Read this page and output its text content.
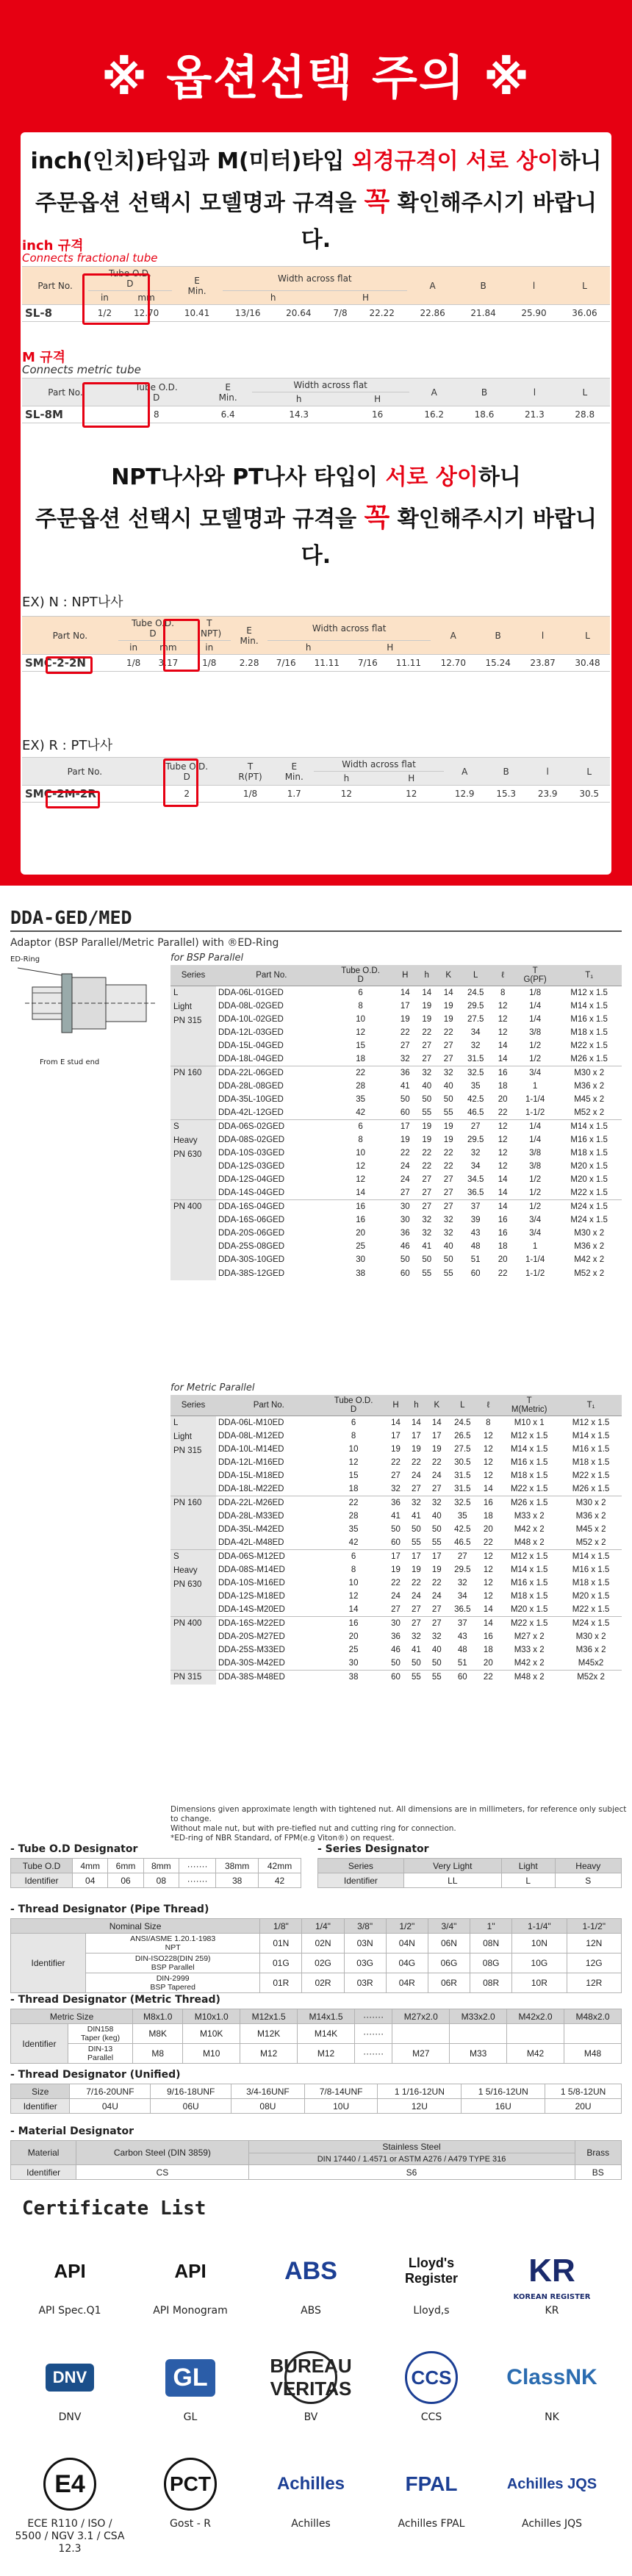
※ 옵션선택 주의 ※
inch(인치)타입과 M(미터)타입 외경규격이 서로 상이하니
주문옵션 선택시 모델명과 규격을 꼭 확인해주시기 바랍니다.
inch 규격
Connects fractional tube
Part No.	Tube O.D.
D		E
Min.	Width across flat				A	B	l	L
	in	mm		h		H					
SL-8	1/2	12.70	10.41	13/16	20.64	7/8	22.22	22.86	21.84	25.90	36.06
M 규격
Connects metric tube
Part No.	Tube O.D.
D	E
Min.	Width across flat		A	B	l	L
			h	H				
SL-8M	8	6.4	14.3	16	16.2	18.6	21.3	28.8
NPT나사와 PT나사 타입이 서로 상이하니
주문옵션 선택시 모델명과 규격을 꼭 확인해주시기 바랍니다.
EX) N : NPT나사
Part No.	Tube O.D.
D		T
(NPT)	E
Min.	Width across flat				A	B	l	L
	in	mm	in		h		H					
SMC-2-2N	1/8	3.17	1/8	2.28	7/16	11.11	7/16	11.11	12.70	15.24	23.87	30.48
EX) R : PT나사
Part No.	Tube O.D.
D	T
R(PT)	E
Min.	Width across flat		A	B	l	L
				h	H				
SMC-2M-2R	2	1/8	1.7	12	12	12.9	15.3	23.9	30.5
DDA-GED/MED
Adaptor (BSP Parallel/Metric Parallel) with ®ED-Ring
ED-Ring
From E stud end
for BSP Parallel
Series	Part No.	Tube O.D.
D	H	h	K	L	ℓ	T
G(PF)	T₁

L
Light
PN 315	DDA-06L-01GED	6	14	14	14	24.5	8	1/8	M12 x 1.5
	DDA-08L-02GED	8	17	19	19	29.5	12	1/4	M14 x 1.5
	DDA-10L-02GED	10	19	19	19	27.5	12	1/4	M16 x 1.5
	DDA-12L-03GED	12	22	22	22	34	12	3/8	M18 x 1.5
	DDA-15L-04GED	15	27	27	27	32	14	1/2	M22 x 1.5
	DDA-18L-04GED	18	32	27	27	31.5	14	1/2	M26 x 1.5

PN 160	DDA-22L-06GED	22	36	32	32	32.5	16	3/4	M30 x 2
	DDA-28L-08GED	28	41	40	40	35	18	1	M36 x 2
	DDA-35L-10GED	35	50	50	50	42.5	20	1-1/4	M45 x 2
	DDA-42L-12GED	42	60	55	55	46.5	22	1-1/2	M52 x 2

S
Heavy
PN 630	DDA-06S-02GED	6	17	19	19	27	12	1/4	M14 x 1.5
	DDA-08S-02GED	8	19	19	19	29.5	12	1/4	M16 x 1.5
	DDA-10S-03GED	10	22	22	22	32	12	3/8	M18 x 1.5
	DDA-12S-03GED	12	24	22	22	34	12	3/8	M20 x 1.5
	DDA-12S-04GED	12	24	27	27	34.5	14	1/2	M20 x 1.5
	DDA-14S-04GED	14	27	27	27	36.5	14	1/2	M22 x 1.5

PN 400	DDA-16S-04GED	16	30	27	27	37	14	1/2	M24 x 1.5
	DDA-16S-06GED	16	30	32	32	39	16	3/4	M24 x 1.5
	DDA-20S-06GED	20	36	32	32	43	16	3/4	M30 x 2
	DDA-25S-08GED	25	46	41	40	48	18	1	M36 x 2
	DDA-30S-10GED	30	50	50	50	51	20	1-1/4	M42 x 2
	DDA-38S-12GED	38	60	55	55	60	22	1-1/2	M52 x 2
for Metric Parallel
Series	Part No.	Tube O.D.
D	H	h	K	L	ℓ	T
M(Metric)	T₁

L
Light
PN 315	DDA-06L-M10ED	6	14	14	14	24.5	8	M10 x 1	M12 x 1.5
	DDA-08L-M12ED	8	17	17	17	26.5	12	M12 x 1.5	M14 x 1.5
	DDA-10L-M14ED	10	19	19	19	27.5	12	M14 x 1.5	M16 x 1.5
	DDA-12L-M16ED	12	22	22	22	30.5	12	M16 x 1.5	M18 x 1.5
	DDA-15L-M18ED	15	27	24	24	31.5	12	M18 x 1.5	M22 x 1.5
	DDA-18L-M22ED	18	32	27	27	31.5	14	M22 x 1.5	M26 x 1.5

PN 160	DDA-22L-M26ED	22	36	32	32	32.5	16	M26 x 1.5	M30 x 2
	DDA-28L-M33ED	28	41	41	40	35	18	M33 x 2	M36 x 2
	DDA-35L-M42ED	35	50	50	50	42.5	20	M42 x 2	M45 x 2
	DDA-42L-M48ED	42	60	55	55	46.5	22	M48 x 2	M52 x 2

S
Heavy
PN 630	DDA-06S-M12ED	6	17	17	17	27	12	M12 x 1.5	M14 x 1.5
	DDA-08S-M14ED	8	19	19	19	29.5	12	M14 x 1.5	M16 x 1.5
	DDA-10S-M16ED	10	22	22	22	32	12	M16 x 1.5	M18 x 1.5
	DDA-12S-M18ED	12	24	24	24	34	12	M18 x 1.5	M20 x 1.5
	DDA-14S-M20ED	14	27	27	27	36.5	14	M20 x 1.5	M22 x 1.5

PN 400	DDA-16S-M22ED	16	30	27	27	37	14	M22 x 1.5	M24 x 1.5
	DDA-20S-M27ED	20	36	32	32	43	16	M27 x 2	M30 x 2
	DDA-25S-M33ED	25	46	41	40	48	18	M33 x 2	M36 x 2
	DDA-30S-M42ED	30	50	50	50	51	20	M42 x 2	M45x2

PN 315	DDA-38S-M48ED	38	60	55	55	60	22	M48 x 2	M52x 2
Dimensions given approximate length with tightened nut. All dimensions are in millimeters, for reference only subject to change.
Without male nut, but with pre-tiefied nut and cutting ring for connection.
*ED-ring of NBR Standard, of FPM(e.g Viton®) on request.
- Tube O.D Designator
Tube O.D	4mm	6mm	8mm	·······	38mm	42mm
Identifier	04	06	08	·······	38	42
- Series Designator
Series	Very Light	Light	Heavy
Identifier	LL	L	S
- Thread Designator (Pipe Thread)
Nominal Size		1/8"	1/4"	3/8"	1/2"	3/4"	1"	1-1/4"	1-1/2"
Identifier	ANSI/ASME 1.20.1-1983
NPT	01N	02N	03N	04N	06N	08N	10N	12N
	DIN-ISO228(DIN 259)
BSP Parallel	01G	02G	03G	04G	06G	08G	10G	12G
	DIN-2999
BSP Tapered	01R	02R	03R	04R	06R	08R	10R	12R
- Thread Designator (Metric Thread)
Metric Size		M8x1.0	M10x1.0	M12x1.5	M14x1.5	·······	M27x2.0	M33x2.0	M42x2.0	M48x2.0
Identifier	DIN158
Taper (keg)	M8K	M10K	M12K	M14K	·······				
	DIN-13
Parallel	M8	M10	M12	M12	·······	M27	M33	M42	M48
- Thread Designator (Unified)
Size	7/16-20UNF	9/16-18UNF	3/4-16UNF	7/8-14UNF	1 1/16-12UN	1 5/16-12UN	1 5/8-12UN
Identifier	04U	06U	08U	10U	12U	16U	20U
- Material Designator
Material	Carbon Steel (DIN 3859)	Stainless Steel	Brass
		DIN 17440 / 1.4571 or ASTM A276 / A479 TYPE 316	
Identifier	CS	S6	BS
Certificate List
API
API Spec.Q1
API
API Monogram
ABS
ABS
Lloyd's Register
Lloyd,s
KR
KR
DNV
DNV
GL
GL
BUREAU VERITAS
BV
CCS
CCS
ClassNK
NK
E4
ECE R110 / ISO / 5500 / NGV 3.1 / CSA 12.3
PCT
Gost - R
Achilles
Achilles
FPAL
Achilles FPAL
Achilles JQS
Achilles JQS
KOREAN REGISTER
